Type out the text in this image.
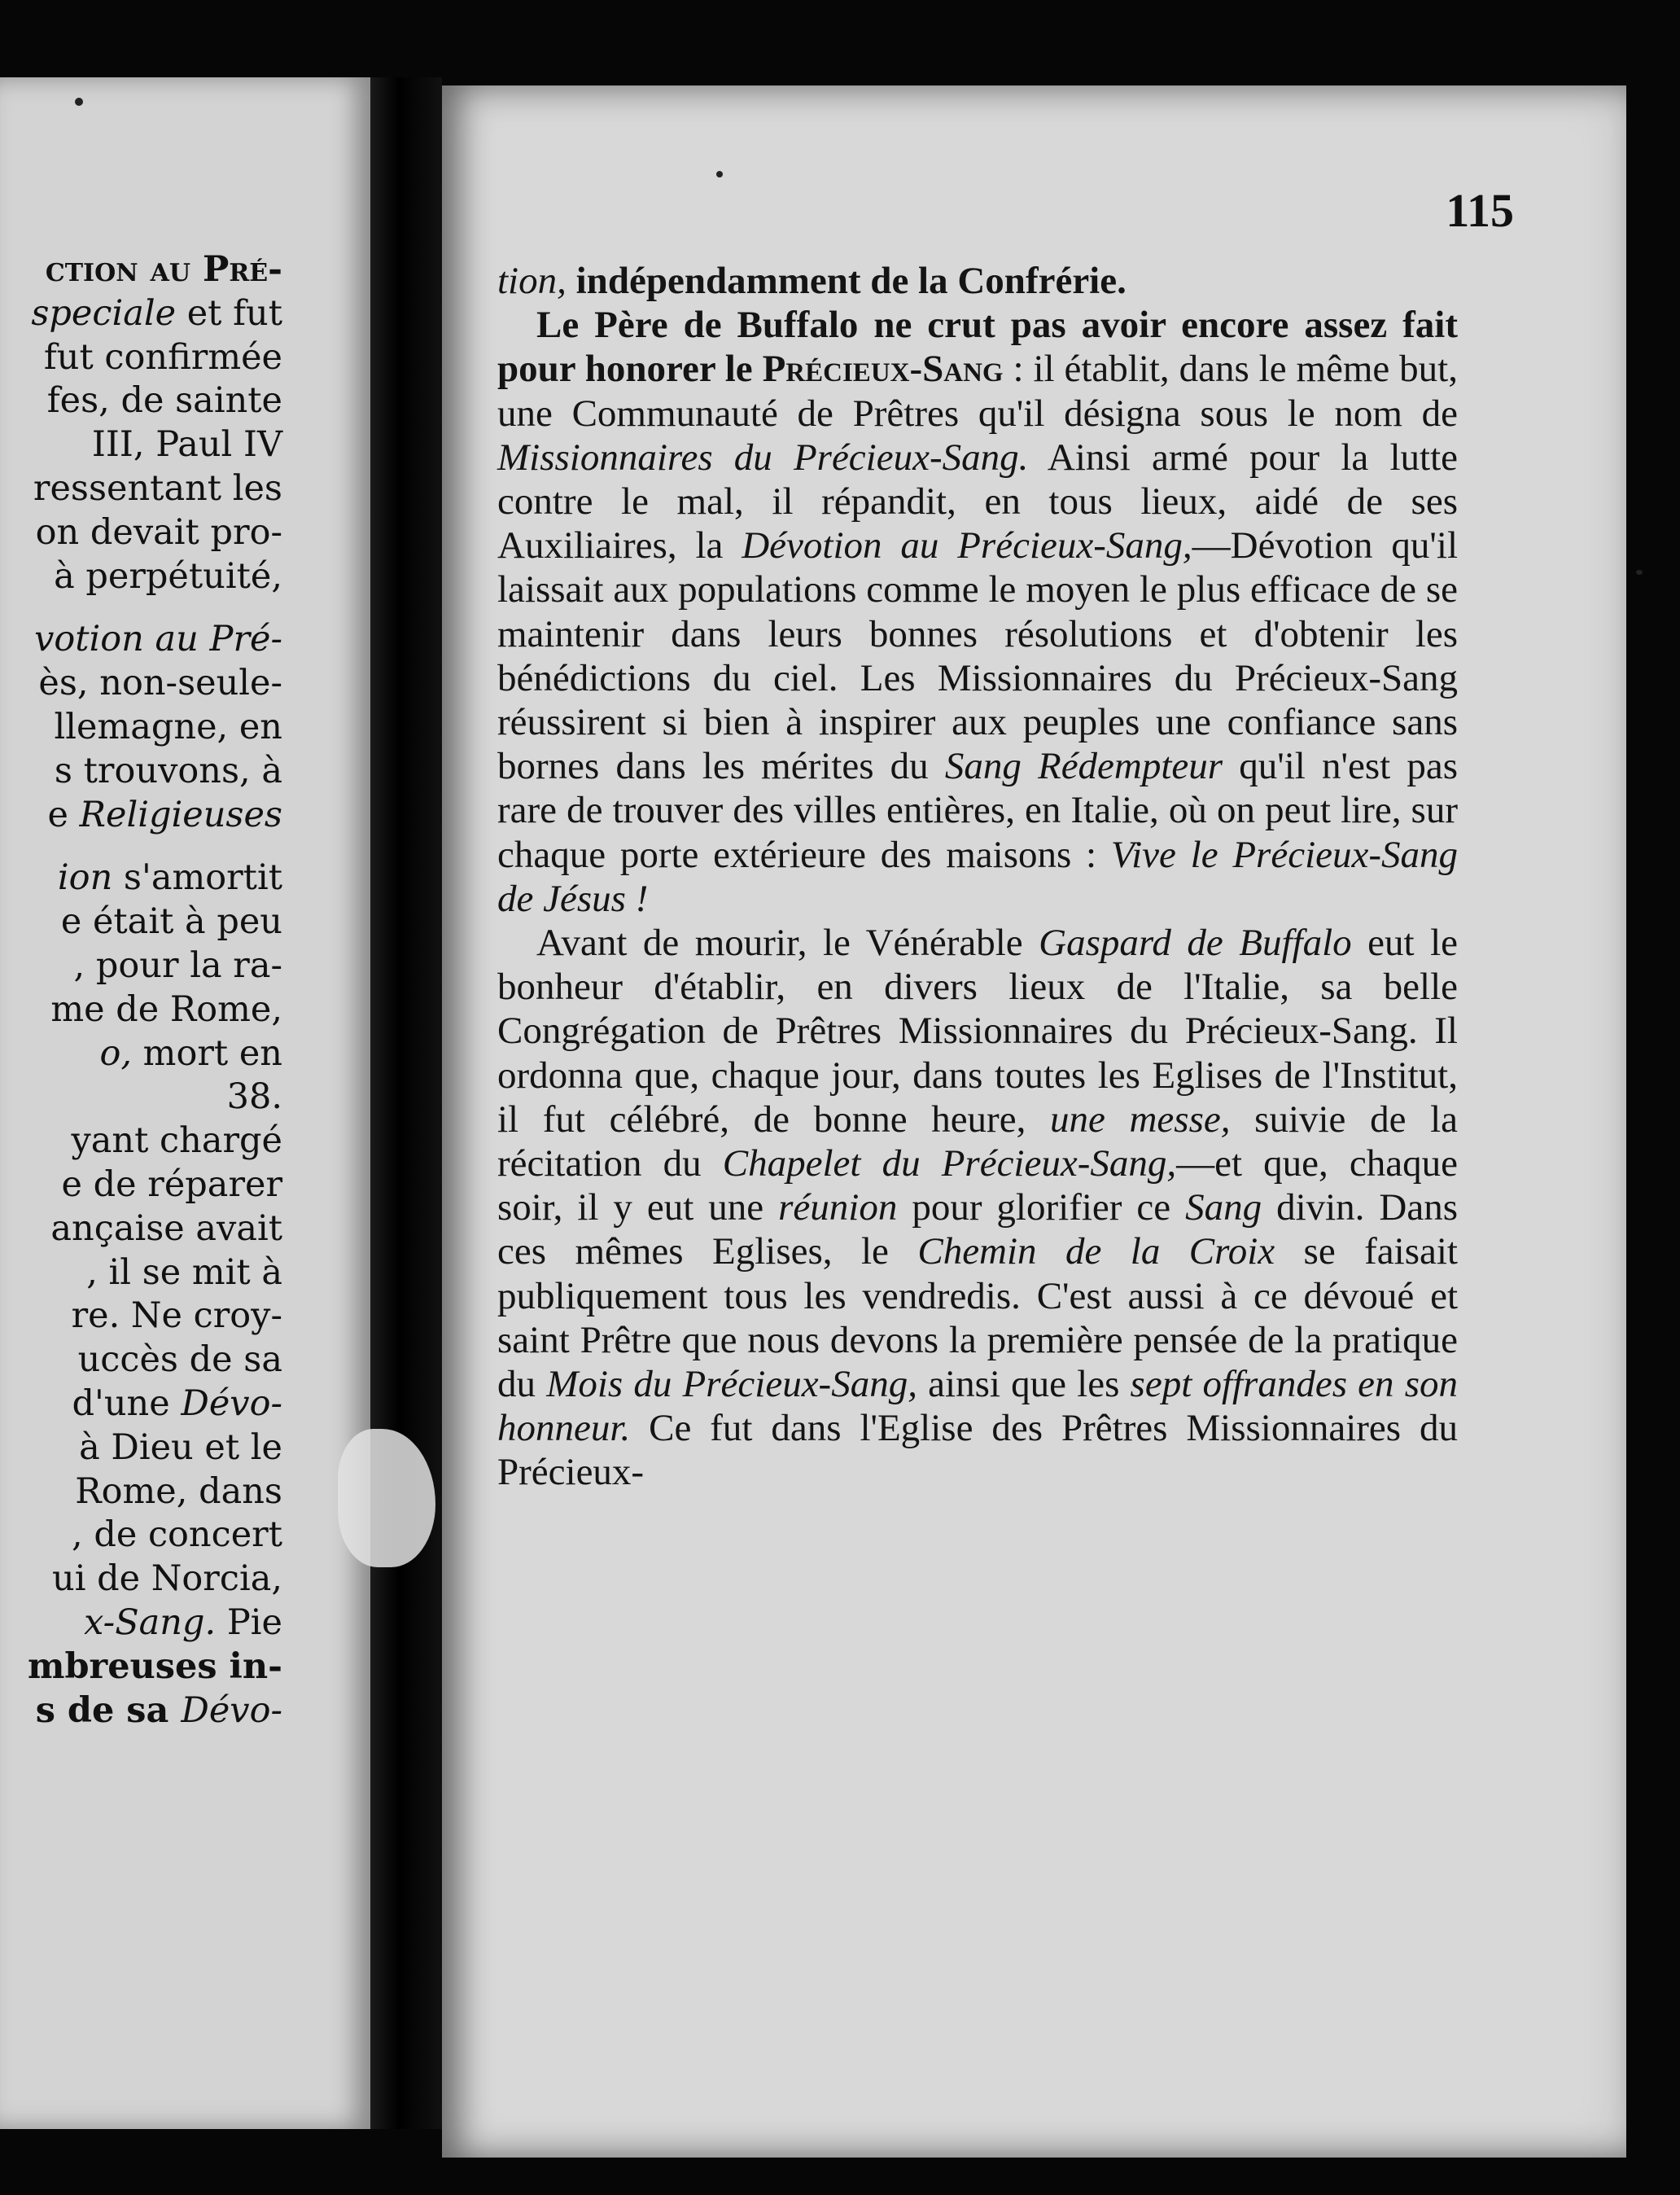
ction au Pré-
speciale et fut
fut confirmée
fes, de sainte
III, Paul IV
ressentant les
on devait pro-
à perpétuité,
votion au Pré-
ès, non-seule-
llemagne, en
s trouvons, à
e Religieuses
ion s'amortit
e était à peu
, pour la ra-
me de Rome,
o, mort en
38.
yant chargé
e de réparer
ançaise avait
, il se mit à
re. Ne croy-
uccès de sa
d'une Dévo-
à Dieu et le
Rome, dans
, de concert
ui de Norcia,
x-Sang. Pie
mbreuses in-
s de sa Dévo-
115

tion, indépendamment de la Confrérie.

Le Père de Buffalo ne crut pas avoir encore assez fait pour honorer le Précieux-Sang : il établit, dans le même but, une Communauté de Prêtres qu'il désigna sous le nom de Missionnaires du Précieux-Sang. Ainsi armé pour la lutte contre le mal, il répandit, en tous lieux, aidé de ses Auxiliaires, la Dévotion au Précieux-Sang,—Dévotion qu'il laissait aux populations comme le moyen le plus efficace de se maintenir dans leurs bonnes résolutions et d'obtenir les bénédictions du ciel. Les Missionnaires du Précieux-Sang réussirent si bien à inspirer aux peuples une confiance sans bornes dans les mérites du Sang Rédempteur qu'il n'est pas rare de trouver des villes entières, en Italie, où on peut lire, sur chaque porte extérieure des maisons : Vive le Précieux-Sang de Jésus !

Avant de mourir, le Vénérable Gaspard de Buffalo eut le bonheur d'établir, en divers lieux de l'Italie, sa belle Congrégation de Prêtres Missionnaires du Précieux-Sang. Il ordonna que, chaque jour, dans toutes les Eglises de l'Institut, il fut célébré, de bonne heure, une messe, suivie de la récitation du Chapelet du Précieux-Sang,—et que, chaque soir, il y eut une réunion pour glorifier ce Sang divin. Dans ces mêmes Eglises, le Chemin de la Croix se faisait publiquement tous les vendredis. C'est aussi à ce dévoué et saint Prêtre que nous devons la première pensée de la pratique du Mois du Précieux-Sang, ainsi que les sept offrandes en son honneur. Ce fut dans l'Eglise des Prêtres Missionnaires du Précieux-
